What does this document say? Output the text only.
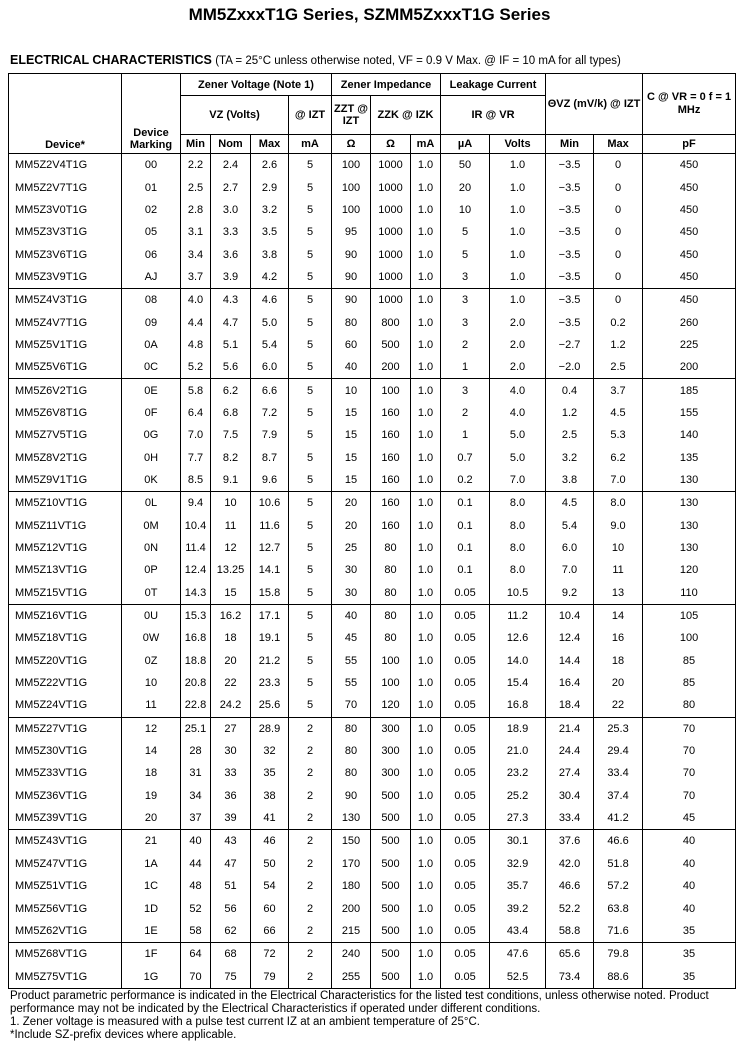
MM5ZxxxT1G Series, SZMM5ZxxxT1G Series
ELECTRICAL CHARACTERISTICS (TA = 25°C unless otherwise noted, VF = 0.9 V Max. @ IF = 10 mA for all types)
Device*	Device Marking	Zener Voltage (Note 1)				Zener Impedance			Leakage Current		ΘVZ (mV/k) @ IZT		C @ VR = 0 f = 1 MHz
		VZ (Volts)			@ IZT	ZZT @ IZT	ZZK @ IZK		IR @ VR				
		Min	Nom	Max	mA	Ω	Ω	mA	µA	Volts	Min	Max	pF
MM5Z2V4T1G	00	2.2	2.4	2.6	5	100	1000	1.0	50	1.0	−3.5	0	450
MM5Z2V7T1G	01	2.5	2.7	2.9	5	100	1000	1.0	20	1.0	−3.5	0	450
MM5Z3V0T1G	02	2.8	3.0	3.2	5	100	1000	1.0	10	1.0	−3.5	0	450
MM5Z3V3T1G	05	3.1	3.3	3.5	5	95	1000	1.0	5	1.0	−3.5	0	450
MM5Z3V6T1G	06	3.4	3.6	3.8	5	90	1000	1.0	5	1.0	−3.5	0	450
MM5Z3V9T1G	AJ	3.7	3.9	4.2	5	90	1000	1.0	3	1.0	−3.5	0	450
MM5Z4V3T1G	08	4.0	4.3	4.6	5	90	1000	1.0	3	1.0	−3.5	0	450
MM5Z4V7T1G	09	4.4	4.7	5.0	5	80	800	1.0	3	2.0	−3.5	0.2	260
MM5Z5V1T1G	0A	4.8	5.1	5.4	5	60	500	1.0	2	2.0	−2.7	1.2	225
MM5Z5V6T1G	0C	5.2	5.6	6.0	5	40	200	1.0	1	2.0	−2.0	2.5	200
MM5Z6V2T1G	0E	5.8	6.2	6.6	5	10	100	1.0	3	4.0	0.4	3.7	185
MM5Z6V8T1G	0F	6.4	6.8	7.2	5	15	160	1.0	2	4.0	1.2	4.5	155
MM5Z7V5T1G	0G	7.0	7.5	7.9	5	15	160	1.0	1	5.0	2.5	5.3	140
MM5Z8V2T1G	0H	7.7	8.2	8.7	5	15	160	1.0	0.7	5.0	3.2	6.2	135
MM5Z9V1T1G	0K	8.5	9.1	9.6	5	15	160	1.0	0.2	7.0	3.8	7.0	130
MM5Z10VT1G	0L	9.4	10	10.6	5	20	160	1.0	0.1	8.0	4.5	8.0	130
MM5Z11VT1G	0M	10.4	11	11.6	5	20	160	1.0	0.1	8.0	5.4	9.0	130
MM5Z12VT1G	0N	11.4	12	12.7	5	25	80	1.0	0.1	8.0	6.0	10	130
MM5Z13VT1G	0P	12.4	13.25	14.1	5	30	80	1.0	0.1	8.0	7.0	11	120
MM5Z15VT1G	0T	14.3	15	15.8	5	30	80	1.0	0.05	10.5	9.2	13	110
MM5Z16VT1G	0U	15.3	16.2	17.1	5	40	80	1.0	0.05	11.2	10.4	14	105
MM5Z18VT1G	0W	16.8	18	19.1	5	45	80	1.0	0.05	12.6	12.4	16	100
MM5Z20VT1G	0Z	18.8	20	21.2	5	55	100	1.0	0.05	14.0	14.4	18	85
MM5Z22VT1G	10	20.8	22	23.3	5	55	100	1.0	0.05	15.4	16.4	20	85
MM5Z24VT1G	11	22.8	24.2	25.6	5	70	120	1.0	0.05	16.8	18.4	22	80
MM5Z27VT1G	12	25.1	27	28.9	2	80	300	1.0	0.05	18.9	21.4	25.3	70
MM5Z30VT1G	14	28	30	32	2	80	300	1.0	0.05	21.0	24.4	29.4	70
MM5Z33VT1G	18	31	33	35	2	80	300	1.0	0.05	23.2	27.4	33.4	70
MM5Z36VT1G	19	34	36	38	2	90	500	1.0	0.05	25.2	30.4	37.4	70
MM5Z39VT1G	20	37	39	41	2	130	500	1.0	0.05	27.3	33.4	41.2	45
MM5Z43VT1G	21	40	43	46	2	150	500	1.0	0.05	30.1	37.6	46.6	40
MM5Z47VT1G	1A	44	47	50	2	170	500	1.0	0.05	32.9	42.0	51.8	40
MM5Z51VT1G	1C	48	51	54	2	180	500	1.0	0.05	35.7	46.6	57.2	40
MM5Z56VT1G	1D	52	56	60	2	200	500	1.0	0.05	39.2	52.2	63.8	40
MM5Z62VT1G	1E	58	62	66	2	215	500	1.0	0.05	43.4	58.8	71.6	35
MM5Z68VT1G	1F	64	68	72	2	240	500	1.0	0.05	47.6	65.6	79.8	35
MM5Z75VT1G	1G	70	75	79	2	255	500	1.0	0.05	52.5	73.4	88.6	35
Product parametric performance is indicated in the Electrical Characteristics for the listed test conditions, unless otherwise noted. Product
performance may not be indicated by the Electrical Characteristics if operated under different conditions.
1. Zener voltage is measured with a pulse test current IZ at an ambient temperature of 25°C.
*Include SZ-prefix devices where applicable.
